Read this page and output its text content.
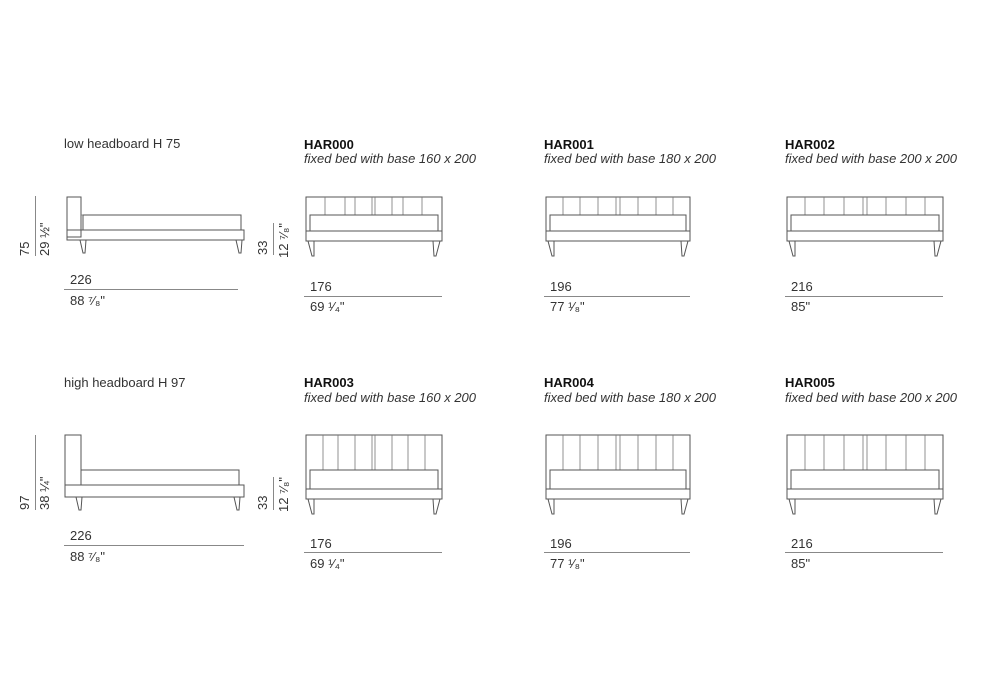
low headboard H 75
75 29 ½"
226
88 ⁷⁄₈"
33 12 ⁷⁄₈"
HAR000
fixed bed with base 160 x 200
176
69 ¹⁄₄"
HAR001
fixed bed with base 180 x 200
196
77 ¹⁄₈"
HAR002
fixed bed with base 200 x 200
216
85"
high headboard H 97
97 38 ¼"
226
88 ⁷⁄₈"
33 12 ⁷⁄₈"
HAR003
fixed bed with base 160 x 200
176
69 ¹⁄₄"
HAR004
fixed bed with base 180 x 200
196
77 ¹⁄₈"
HAR005
fixed bed with base 200 x 200
216
85"
